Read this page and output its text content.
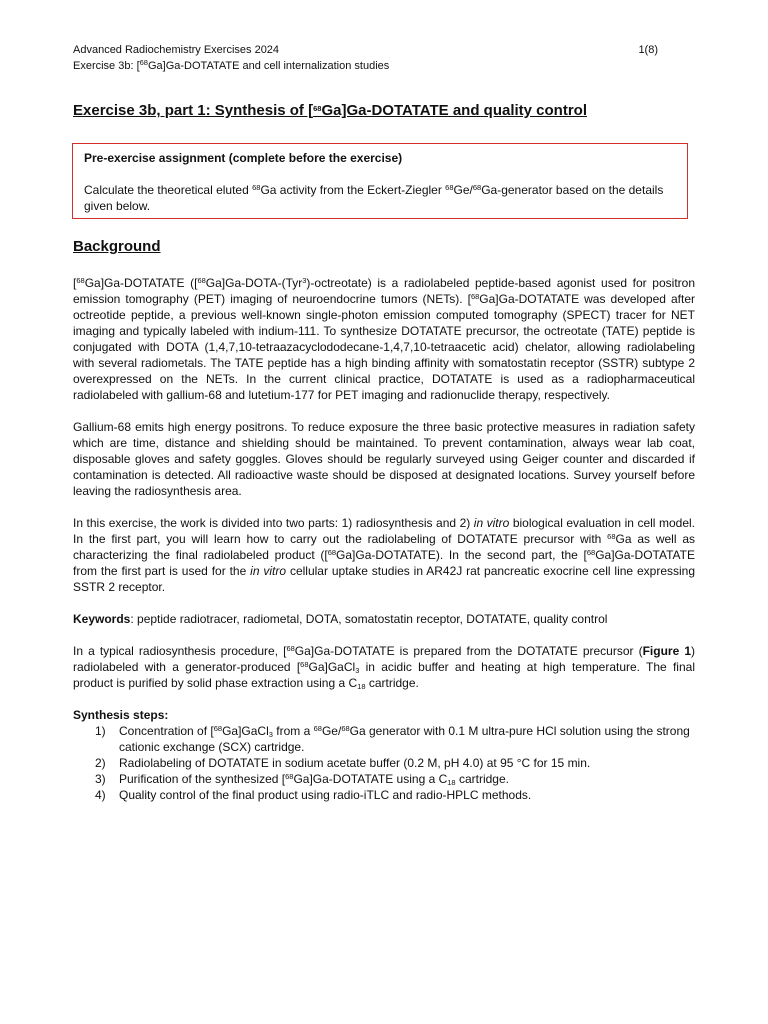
Advanced Radiochemistry Exercises 2024	1(8)
Exercise 3b: [$^{68}$Ga]Ga-DOTATATE and cell internalization studies
Exercise 3b, part 1: Synthesis of [$^{68}$Ga]Ga-DOTATATE and quality control
Pre-exercise assignment (complete before the exercise)
Calculate the theoretical eluted $^{68}$Ga activity from the Eckert-Ziegler $^{68}$Ge/$^{68}$Ga-generator based on the details given below.
Background

[$^{68}$Ga]Ga-DOTATATE ([$^{68}$Ga]Ga-DOTA-(Tyr$^3$)-octreotate) is a radiolabeled peptide-based agonist used for positron emission tomography (PET) imaging of neuroendocrine tumors (NETs). [$^{68}$Ga]Ga-DOTATATE was developed after octreotide peptide, a previous well-known single-photon emission computed tomography (SPECT) tracer for NET imaging and typically labeled with indium-111. To synthesize DOTATATE precursor, the octreotate (TATE) peptide is conjugated with DOTA (1,4,7,10-tetraazacyclododecane-1,4,7,10-tetraacetic acid) chelator, allowing radiolabeling with several radiometals. The TATE peptide has a high binding affinity with somatostatin receptor (SSTR) subtype 2 overexpressed on the NETs. In the current clinical practice, DOTATATE is used as a radiopharmaceutical radiolabeled with gallium-68 and lutetium-177 for PET imaging and radionuclide therapy, respectively.

Gallium-68 emits high energy positrons. To reduce exposure the three basic protective measures in radiation safety which are time, distance and shielding should be maintained. To prevent contamination, always wear lab coat, disposable gloves and safety goggles. Gloves should be regularly surveyed using Geiger counter and discarded if contamination is detected. All radioactive waste should be disposed at designated locations. Survey yourself before leaving the radiosynthesis area.

In this exercise, the work is divided into two parts: 1) radiosynthesis and 2) in vitro biological evaluation in cell model. In the first part, you will learn how to carry out the radiolabeling of DOTATATE precursor with $^{68}$Ga as well as characterizing the final radiolabeled product ([$^{68}$Ga]Ga-DOTATATE). In the second part, the [$^{68}$Ga]Ga-DOTATATE from the first part is used for the in vitro cellular uptake studies in AR42J rat pancreatic exocrine cell line expressing SSTR 2 receptor.

Keywords: peptide radiotracer, radiometal, DOTA, somatostatin receptor, DOTATATE, quality control

In a typical radiosynthesis procedure, [$^{68}$Ga]Ga-DOTATATE is prepared from the DOTATATE precursor (Figure 1) radiolabeled with a generator-produced [$^{68}$Ga]GaCl$_3$ in acidic buffer and heating at high temperature. The final product is purified by solid phase extraction using a $C_{18}$ cartridge.

Synthesis steps:
1)	Concentration of [$^{68}$Ga]GaCl$_3$ from a $^{68}$Ge/$^{68}$Ga generator with 0.1 M ultra-pure HCl solution using the strong cationic exchange (SCX) cartridge.
2)	Radiolabeling of DOTATATE in sodium acetate buffer (0.2 M, pH 4.0) at 95 °C for 15 min.
3)	Purification of the synthesized [$^{68}$Ga]Ga-DOTATATE using a $C_{18}$ cartridge.
4)	Quality control of the final product using radio-iTLC and radio-HPLC methods.
